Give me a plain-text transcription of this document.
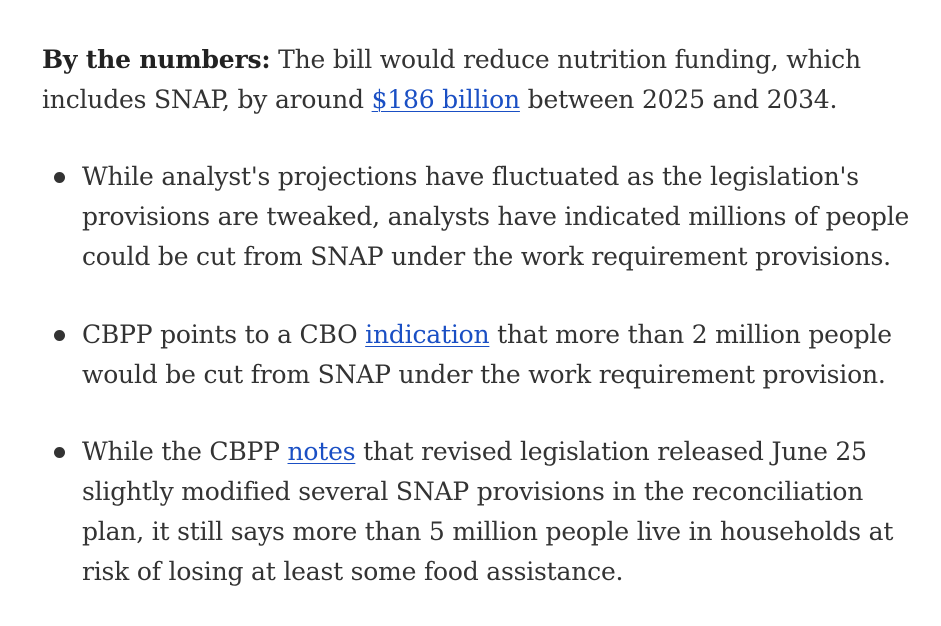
By the numbers: The bill would reduce nutrition funding, which includes SNAP, by around $186 billion between 2025 and 2034.

While analyst's projections have fluctuated as the legislation's provisions are tweaked, analysts have indicated millions of people could be cut from SNAP under the work requirement provisions.
CBPP points to a CBO indication that more than 2 million people would be cut from SNAP under the work requirement provision.
While the CBPP notes that revised legislation released June 25 slightly modified several SNAP provisions in the reconciliation plan, it still says more than 5 million people live in households at risk of losing at least some food assistance.
